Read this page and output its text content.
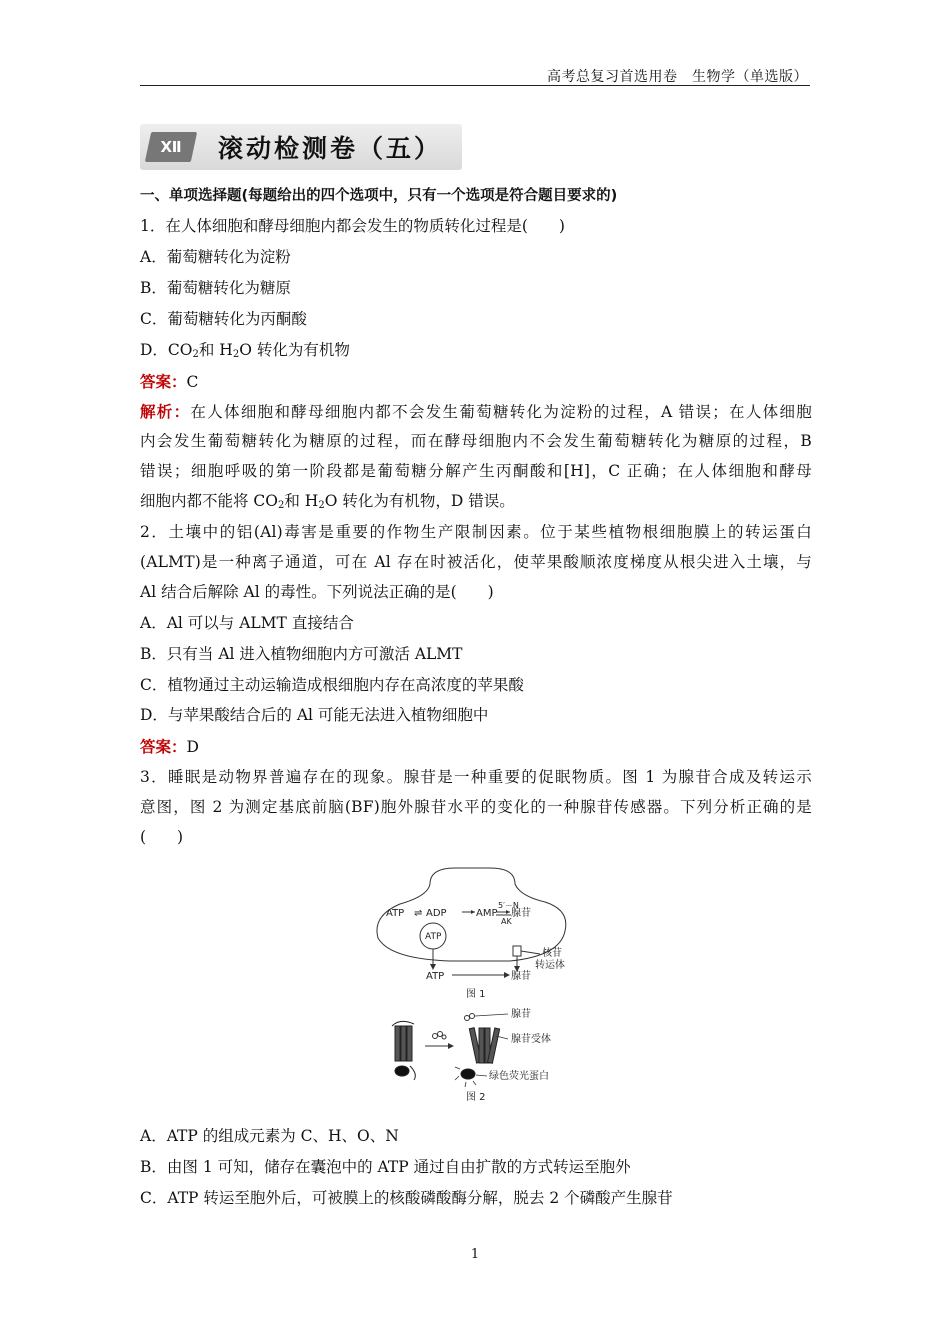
高考总复习首选用卷　生物学（单选版）
Ⅻ	滚动检测卷（五）
一、单项选择题(每题给出的四个选项中，只有一个选项是符合题目要求的)
1．在人体细胞和酵母细胞内都会发生的物质转化过程是(　　)
A．葡萄糖转化为淀粉
B．葡萄糖转化为糖原
C．葡萄糖转化为丙酮酸
D．$CO_2$和 $H_2O$ 转化为有机物
答案：C
解析：在人体细胞和酵母细胞内都不会发生葡萄糖转化为淀粉的过程，A 错误；在人体细胞
内会发生葡萄糖转化为糖原的过程，而在酵母细胞内不会发生葡萄糖转化为糖原的过程，B
错误；细胞呼吸的第一阶段都是葡萄糖分解产生丙酮酸和[H]，C 正确；在人体细胞和酵母
细胞内都不能将 $CO_2$和 $H_2O$ 转化为有机物，D 错误。
2．土壤中的铝(Al)毒害是重要的作物生产限制因素。位于某些植物根细胞膜上的转运蛋白
(ALMT)是一种离子通道，可在 Al 存在时被活化，使苹果酸顺浓度梯度从根尖进入土壤，与
Al 结合后解除 Al 的毒性。下列说法正确的是(　　)
A．Al 可以与 ALMT 直接结合
B．只有当 Al 进入植物细胞内方可激活 ALMT
C．植物通过主动运输造成根细胞内存在高浓度的苹果酸
D．与苹果酸结合后的 Al 可能无法进入植物细胞中
答案：D
3．睡眠是动物界普遍存在的现象。腺苷是一种重要的促眠物质。图 1 为腺苷合成及转运示
意图，图 2 为测定基底前脑(BF)胞外腺苷水平的变化的一种腺苷传感器。下列分析正确的是
(　　)
ATP ⇌ ADP	AMP
5′－N
AK
腺苷
ATP
核苷
转运体
ATP	腺苷
图 1
腺苷
腺苷受体
绿色荧光蛋白
图 2
A．ATP 的组成元素为 C、H、O、N
B．由图 1 可知，储存在囊泡中的 ATP 通过自由扩散的方式转运至胞外
C．ATP 转运至胞外后，可被膜上的核酸磷酸酶分解，脱去 2 个磷酸产生腺苷
1
